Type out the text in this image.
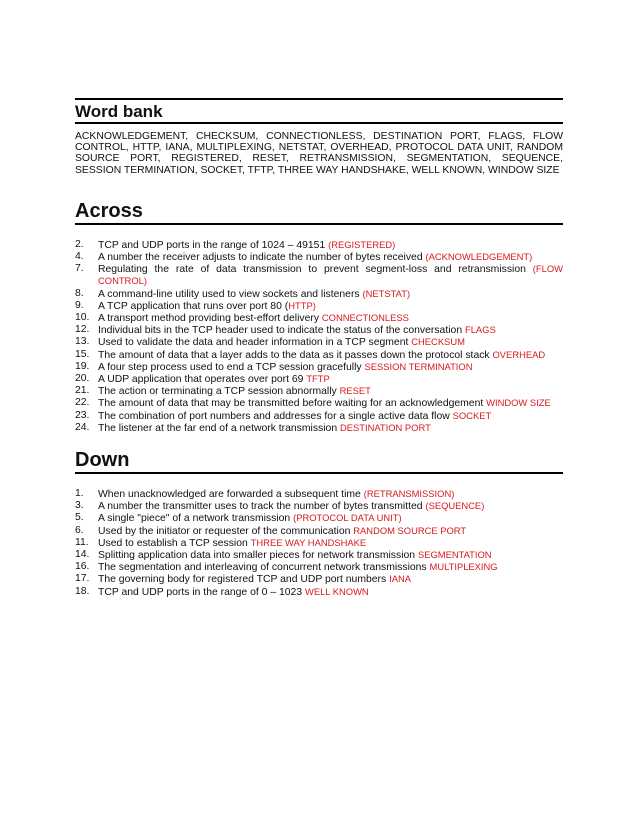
Word bank
ACKNOWLEDGEMENT, CHECKSUM, CONNECTIONLESS, DESTINATION PORT, FLAGS, FLOW CONTROL, HTTP, IANA, MULTIPLEXING, NETSTAT, OVERHEAD, PROTOCOL DATA UNIT, RANDOM SOURCE PORT, REGISTERED, RESET, RETRANSMISSION, SEGMENTATION, SEQUENCE, SESSION TERMINATION, SOCKET, TFTP, THREE WAY HANDSHAKE, WELL KNOWN, WINDOW SIZE
Across
2.	TCP and UDP ports in the range of 1024 – 49151 (REGISTERED)
4.	A number the receiver adjusts to indicate the number of bytes received (ACKNOWLEDGEMENT)
7.	Regulating the rate of data transmission to prevent segment-loss and retransmission (FLOW CONTROL)
8.	A command-line utility used to view sockets and listeners (NETSTAT)
9.	A TCP application that runs over port 80 (HTTP)
10. A transport method providing best-effort delivery CONNECTIONLESS
12. Individual bits in the TCP header used to indicate the status of the conversation FLAGS
13. Used to validate the data and header information in a TCP segment CHECKSUM
15. The amount of data that a layer adds to the data as it passes down the protocol stack OVERHEAD
19. A four step process used to end a TCP session gracefully SESSION TERMINATION
20. A UDP application that operates over port 69 TFTP
21. The action or terminating a TCP session abnormally RESET
22. The amount of data that may be transmitted before waiting for an acknowledgement WINDOW SIZE
23. The combination of port numbers and addresses for a single active data flow SOCKET
24. The listener at the far end of a network transmission DESTINATION PORT
Down
1.	When unacknowledged are forwarded a subsequent time (RETRANSMISSION)
3.	A number the transmitter uses to track the number of bytes transmitted (SEQUENCE)
5.	A single "piece" of a network transmission (PROTOCOL DATA UNIT)
6.	Used by the initiator or requester of the communication RANDOM SOURCE PORT
11. Used to establish a TCP session THREE WAY HANDSHAKE
14. Splitting application data into smaller pieces for network transmission SEGMENTATION
16. The segmentation and interleaving of concurrent network transmissions MULTIPLEXING
17. The governing body for registered TCP and UDP port numbers IANA
18. TCP and UDP ports in the range of 0 – 1023 WELL KNOWN
